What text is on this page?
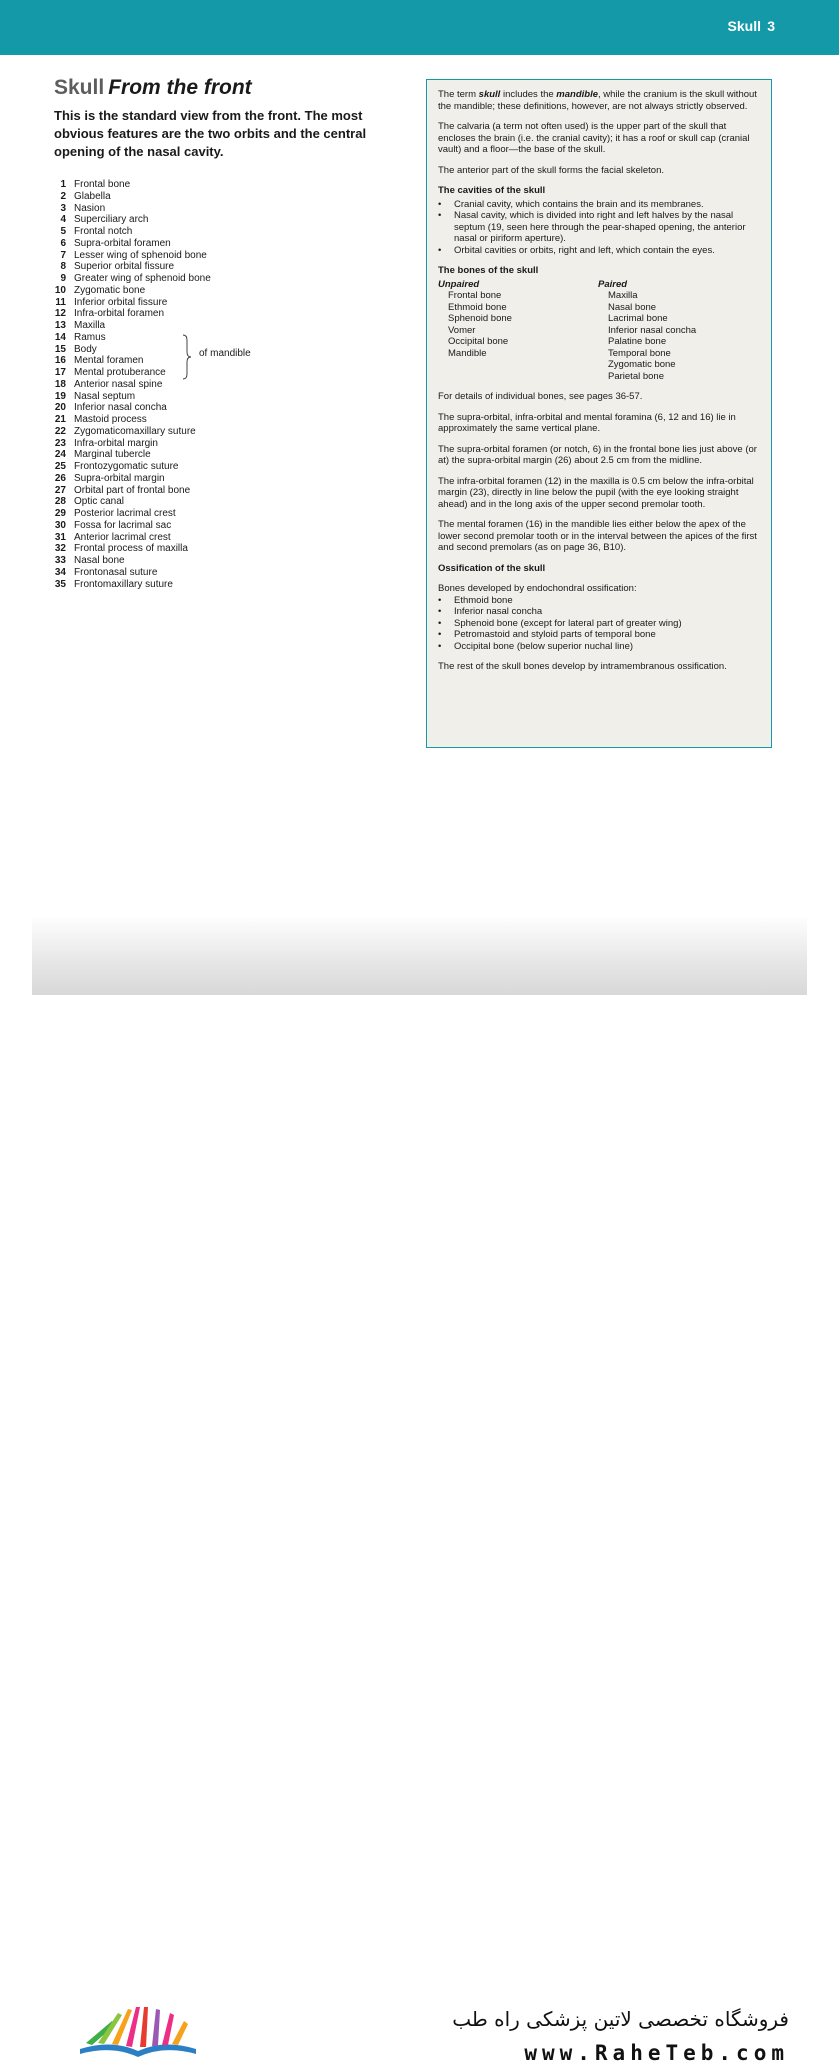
Skull 3
Skull From the front

This is the standard view from the front. The most obvious features are the two orbits and the central opening of the nasal cavity.

1 Frontal bone
2 Glabella
3 Nasion
4 Superciliary arch
5 Frontal notch
6 Supra-orbital foramen
7 Lesser wing of sphenoid bone
8 Superior orbital fissure
9 Greater wing of sphenoid bone
10 Zygomatic bone
11 Inferior orbital fissure
12 Infra-orbital foramen
13 Maxilla
14 Ramus
15 Body
16 Mental foramen
17 Mental protuberance
18 Anterior nasal spine
19 Nasal septum
20 Inferior nasal concha
21 Mastoid process
22 Zygomaticomaxillary suture
23 Infra-orbital margin
24 Marginal tubercle
25 Frontozygomatic suture
26 Supra-orbital margin
27 Orbital part of frontal bone
28 Optic canal
29 Posterior lacrimal crest
30 Fossa for lacrimal sac
31 Anterior lacrimal crest
32 Frontal process of maxilla
33 Nasal bone
34 Frontonasal suture
35 Frontomaxillary suture
of mandible

The term skull includes the mandible, while the cranium is the skull without the mandible; these definitions, however, are not always strictly observed.

The calvaria (a term not often used) is the upper part of the skull that encloses the brain (i.e. the cranial cavity); it has a roof or skull cap (cranial vault) and a floor—the base of the skull.

The anterior part of the skull forms the facial skeleton.

The cavities of the skull
• Cranial cavity, which contains the brain and its membranes.
• Nasal cavity, which is divided into right and left halves by the nasal septum (19, seen here through the pear-shaped opening, the anterior nasal or piriform aperture).
• Orbital cavities or orbits, right and left, which contain the eyes.
The bones of the skull
Unpaired
Frontal bone
Ethmoid bone
Sphenoid bone
Vomer
Occipital bone
Mandible
Paired
Maxilla
Nasal bone
Lacrimal bone
Inferior nasal concha
Palatine bone
Temporal bone
Zygomatic bone
Parietal bone

For details of individual bones, see pages 36-57.

The supra-orbital, infra-orbital and mental foramina (6, 12 and 16) lie in approximately the same vertical plane.

The supra-orbital foramen (or notch, 6) in the frontal bone lies just above (or at) the supra-orbital margin (26) about 2.5 cm from the midline.

The infra-orbital foramen (12) in the maxilla is 0.5 cm below the infra-orbital margin (23), directly in line below the pupil (with the eye looking straight ahead) and in the long axis of the upper second premolar tooth.

The mental foramen (16) in the mandible lies either below the apex of the lower second premolar tooth or in the interval between the apices of the first and second premolars (as on page 36, B10).

Ossification of the skull
Bones developed by endochondral ossification:
• Ethmoid bone
• Inferior nasal concha
• Sphenoid bone (except for lateral part of greater wing)
• Petromastoid and styloid parts of temporal bone
• Occipital bone (below superior nuchal line)

The rest of the skull bones develop by intramembranous ossification.

فروشگاه تخصصی لاتین پزشکی راه طب
www.RaheTeb.com
